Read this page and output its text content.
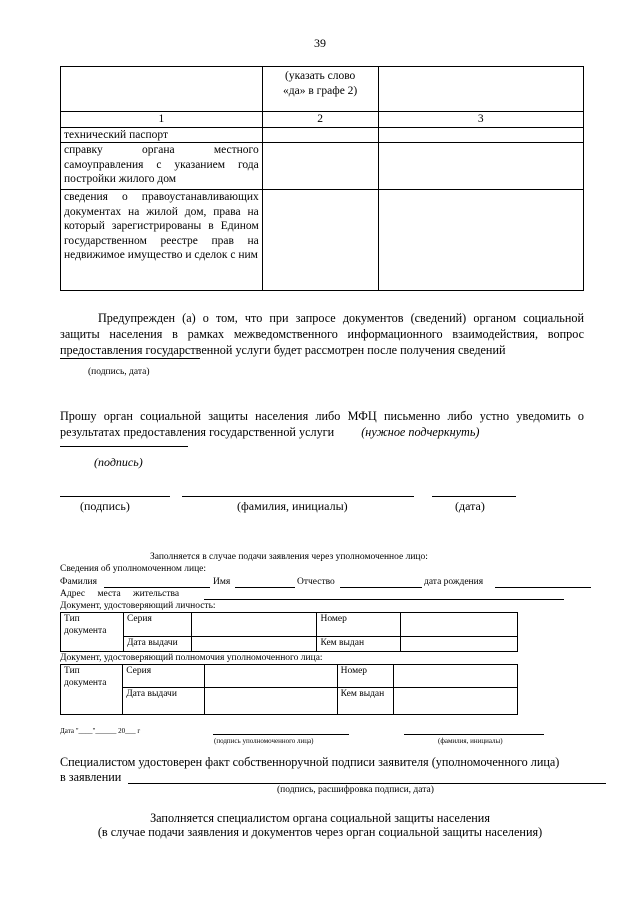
39
	(указать слово «да» в графе 2)	
1	2	3
технический паспорт		
справку органа местного самоуправления с указанием года постройки жилого дом		
сведения о правоустанавливающих документах на жилой дом, права на который зарегистрированы в Едином государственном реестре прав на недвижимое имущество и сделок с ним		
Предупрежден (а) о том, что при запросе документов (сведений) органом социальной защиты населения в рамках межведомственного информационного взаимодействия, вопрос предоставления государственной услуги будет рассмотрен после получения сведений
(подпись, дата)
Прошу орган социальной защиты населения либо МФЦ письменно либо устно уведомить о результатах предоставления государственной услуги (нужное подчеркнуть)
(подпись)
(подпись)	(фамилия, инициалы)	(дата)
Заполняется в случае подачи заявления через уполномоченное лицо:
Сведения об уполномоченном лице:
Фамилия	Имя	Отчество	дата рождения
Адрес места жительства
Документ, удостоверяющий личность:
Тип документа	Серия		Номер	
	Дата выдачи		Кем выдан	
Документ, удостоверяющий полномочия уполномоченного лица:
Тип документа	Серия		Номер	
	Дата выдачи		Кем выдан	
Дата "____"______ 20___ г
(подпись уполномоченного лица)	(фамилия, инициалы)
Специалистом удостоверен факт собственноручной подписи заявителя (уполномоченного лица)
в заявлении
(подпись, расшифровка подписи, дата)
Заполняется специалистом органа социальной защиты населения
(в случае подачи заявления и документов через орган социальной защиты населения)
